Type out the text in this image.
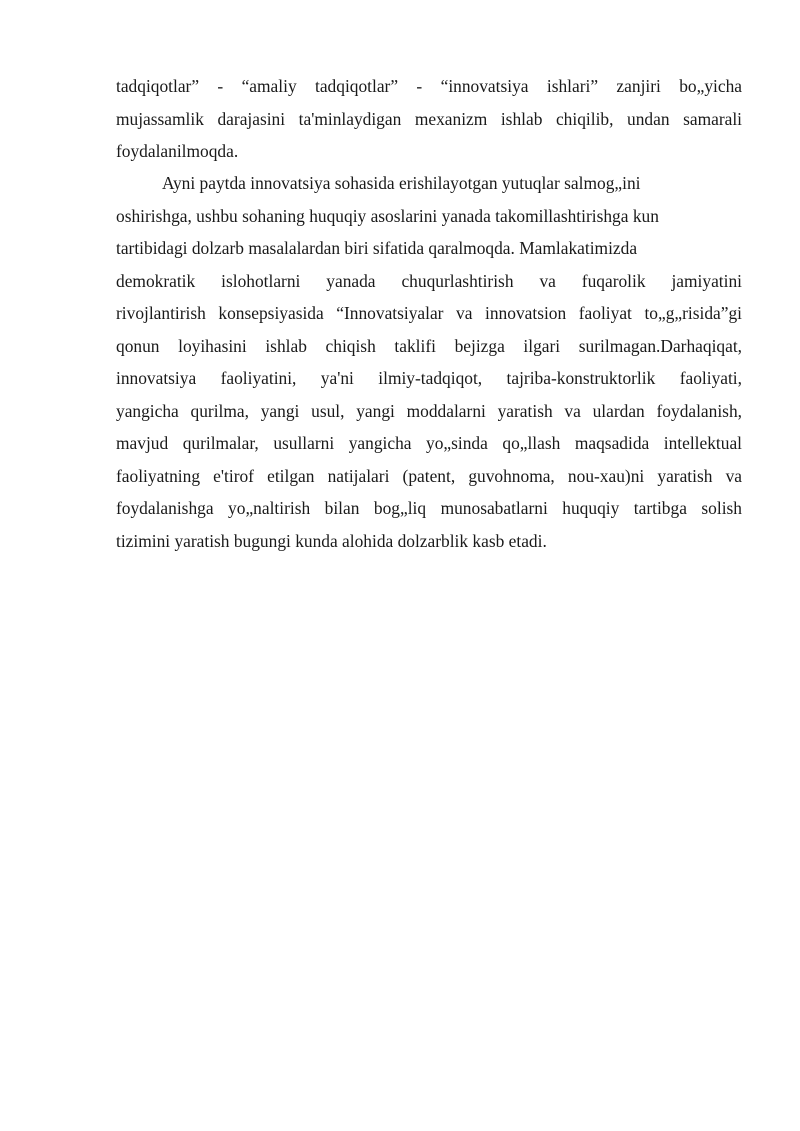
tadqiqotlar” - “amaliy tadqiqotlar” - “innovatsiya ishlari” zanjiri bo„yicha
mujassamlik darajasini ta'minlaydigan mexanizm ishlab chiqilib, undan samarali
foydalanilmoqda.
Ayni paytda innovatsiya sohasida erishilayotgan yutuqlar salmog„ini
oshirishga, ushbu sohaning huquqiy asoslarini yanada takomillashtirishga kun
tartibidagi dolzarb masalalardan biri sifatida qaralmoqda. Mamlakatimizda
demokratik islohotlarni yanada chuqurlashtirish va fuqarolik jamiyatini
rivojlantirish konsepsiyasida “Innovatsiyalar va innovatsion faoliyat to„g„risida”gi
qonun loyihasini ishlab chiqish taklifi bejizga ilgari surilmagan.Darhaqiqat,
innovatsiya faoliyatini, ya'ni ilmiy-tadqiqot, tajriba-konstruktorlik faoliyati,
yangicha qurilma, yangi usul, yangi moddalarni yaratish va ulardan foydalanish,
mavjud qurilmalar, usullarni yangicha yo„sinda qo„llash maqsadida intellektual
faoliyatning e'tirof etilgan natijalari (patent, guvohnoma, nou-xau)ni yaratish va
foydalanishga yo„naltirish bilan bog„liq munosabatlarni huquqiy tartibga solish
tizimini yaratish bugungi kunda alohida dolzarblik kasb etadi.
